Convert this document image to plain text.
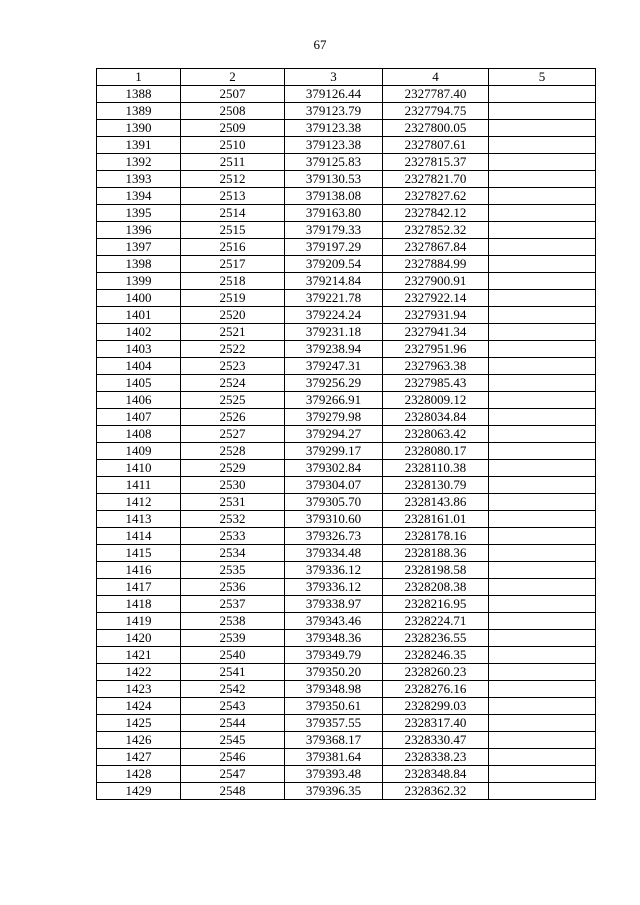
67
1	2	3	4	5
1388	2507	379126.44	2327787.40	
1389	2508	379123.79	2327794.75	
1390	2509	379123.38	2327800.05	
1391	2510	379123.38	2327807.61	
1392	2511	379125.83	2327815.37	
1393	2512	379130.53	2327821.70	
1394	2513	379138.08	2327827.62	
1395	2514	379163.80	2327842.12	
1396	2515	379179.33	2327852.32	
1397	2516	379197.29	2327867.84	
1398	2517	379209.54	2327884.99	
1399	2518	379214.84	2327900.91	
1400	2519	379221.78	2327922.14	
1401	2520	379224.24	2327931.94	
1402	2521	379231.18	2327941.34	
1403	2522	379238.94	2327951.96	
1404	2523	379247.31	2327963.38	
1405	2524	379256.29	2327985.43	
1406	2525	379266.91	2328009.12	
1407	2526	379279.98	2328034.84	
1408	2527	379294.27	2328063.42	
1409	2528	379299.17	2328080.17	
1410	2529	379302.84	2328110.38	
1411	2530	379304.07	2328130.79	
1412	2531	379305.70	2328143.86	
1413	2532	379310.60	2328161.01	
1414	2533	379326.73	2328178.16	
1415	2534	379334.48	2328188.36	
1416	2535	379336.12	2328198.58	
1417	2536	379336.12	2328208.38	
1418	2537	379338.97	2328216.95	
1419	2538	379343.46	2328224.71	
1420	2539	379348.36	2328236.55	
1421	2540	379349.79	2328246.35	
1422	2541	379350.20	2328260.23	
1423	2542	379348.98	2328276.16	
1424	2543	379350.61	2328299.03	
1425	2544	379357.55	2328317.40	
1426	2545	379368.17	2328330.47	
1427	2546	379381.64	2328338.23	
1428	2547	379393.48	2328348.84	
1429	2548	379396.35	2328362.32	
